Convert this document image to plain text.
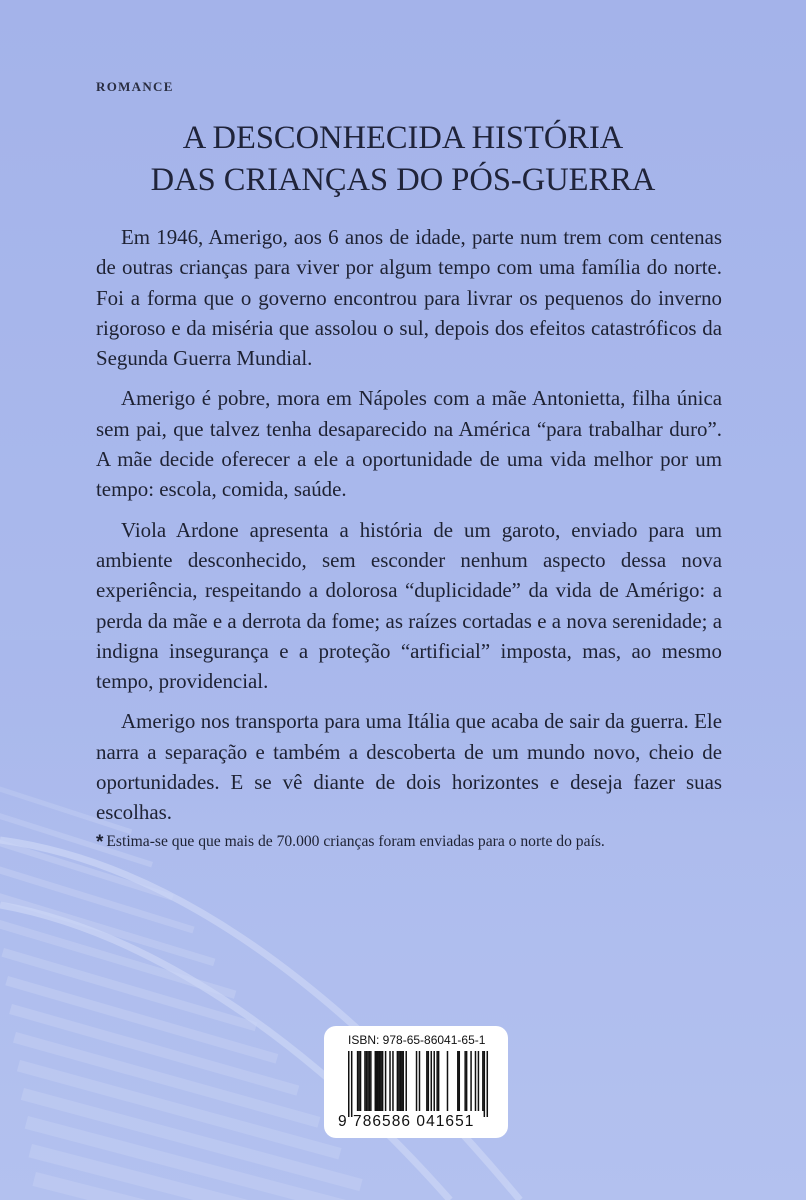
ROMANCE
A DESCONHECIDA HISTÓRIA
DAS CRIANÇAS DO PÓS-GUERRA

Em 1946, Amerigo, aos 6 anos de idade, parte num trem com centenas de outras crianças para viver por algum tempo com uma família do norte. Foi a forma que o governo encontrou para livrar os pequenos do inverno rigoroso e da miséria que assolou o sul, depois dos efeitos catastróficos da Segunda Guerra Mundial.

Amerigo é pobre, mora em Nápoles com a mãe Antonietta, filha única sem pai, que talvez tenha desaparecido na América “para trabalhar duro”. A mãe decide oferecer a ele a oportunidade de uma vida melhor por um tempo: escola, comida, saúde.

Viola Ardone apresenta a história de um garoto, enviado para um ambiente desconhecido, sem esconder nenhum aspecto dessa nova experiência, respeitando a dolorosa “duplicidade” da vida de Amérigo: a perda da mãe e a derrota da fome; as raízes cortadas e a nova serenidade; a indigna insegurança e a proteção “artificial” imposta, mas, ao mesmo tempo, providencial.

Amerigo nos transporta para uma Itália que acaba de sair da guerra. Ele narra a separação e também a descoberta de um mundo novo, cheio de oportunidades. E se vê diante de dois horizontes e deseja fazer suas escolhas.

* Estima-se que que mais de 70.000 crianças foram enviadas para o norte do país.
ISBN: 978-65-86041-65-1
9 786586 041651
